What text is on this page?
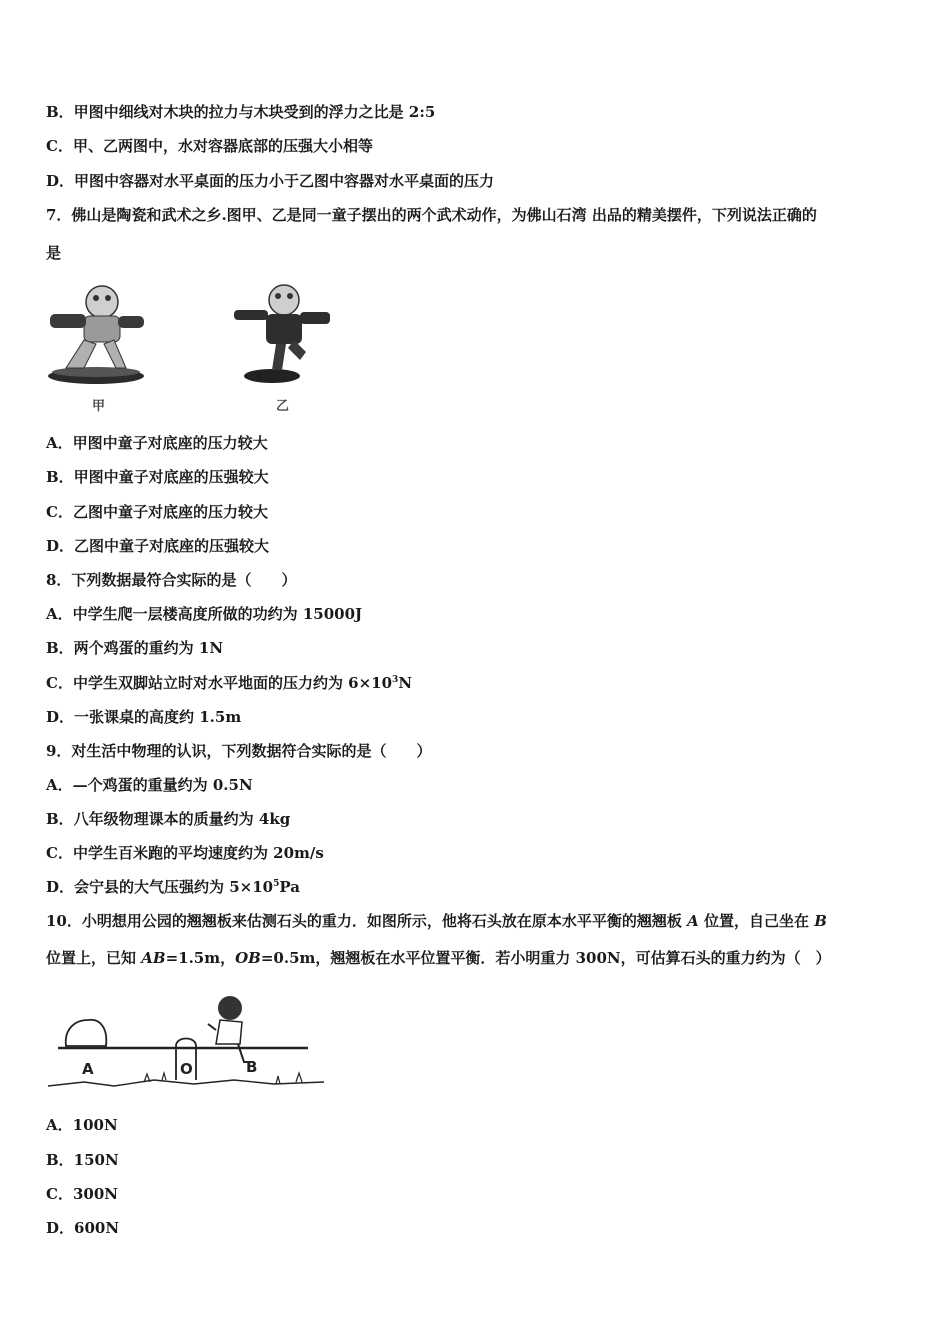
B．甲图中细线对木块的拉力与木块受到的浮力之比是 2:5
C．甲、乙两图中，水对容器底部的压强大小相等
D．甲图中容器对水平桌面的压力小于乙图中容器对水平桌面的压力
7．佛山是陶瓷和武术之乡.图甲、乙是同一童子摆出的两个武术动作，为佛山石湾 出品的精美摆件，下列说法正确的
是
甲	乙
A．甲图中童子对底座的压力较大
B．甲图中童子对底座的压强较大
C．乙图中童子对底座的压力较大
D．乙图中童子对底座的压强较大
8．下列数据最符合实际的是（　　）
A．中学生爬一层楼高度所做的功约为 15000J
B．两个鸡蛋的重约为 1N
C．中学生双脚站立时对水平地面的压力约为 $6\times 10^3N$
D．一张课桌的高度约 1.5m
9．对生活中物理的认识，下列数据符合实际的是（　　）
A．—个鸡蛋的重量约为 0.5N
B．八年级物理课本的质量约为 4kg
C．中学生百米跑的平均速度约为 20m/s
D．会宁县的大气压强约为 $5\times 10^5Pa$
10．小明想用公园的翘翘板来估测石头的重力．如图所示，他将石头放在原本水平平衡的翘翘板 A 位置，自己坐在 B
位置上，已知 AB=1.5m，OB=0.5m，翘翘板在水平位置平衡．若小明重力 300N，可估算石头的重力约为（　）
A	O	B
A．100N
B．150N
C．300N
D．600N
